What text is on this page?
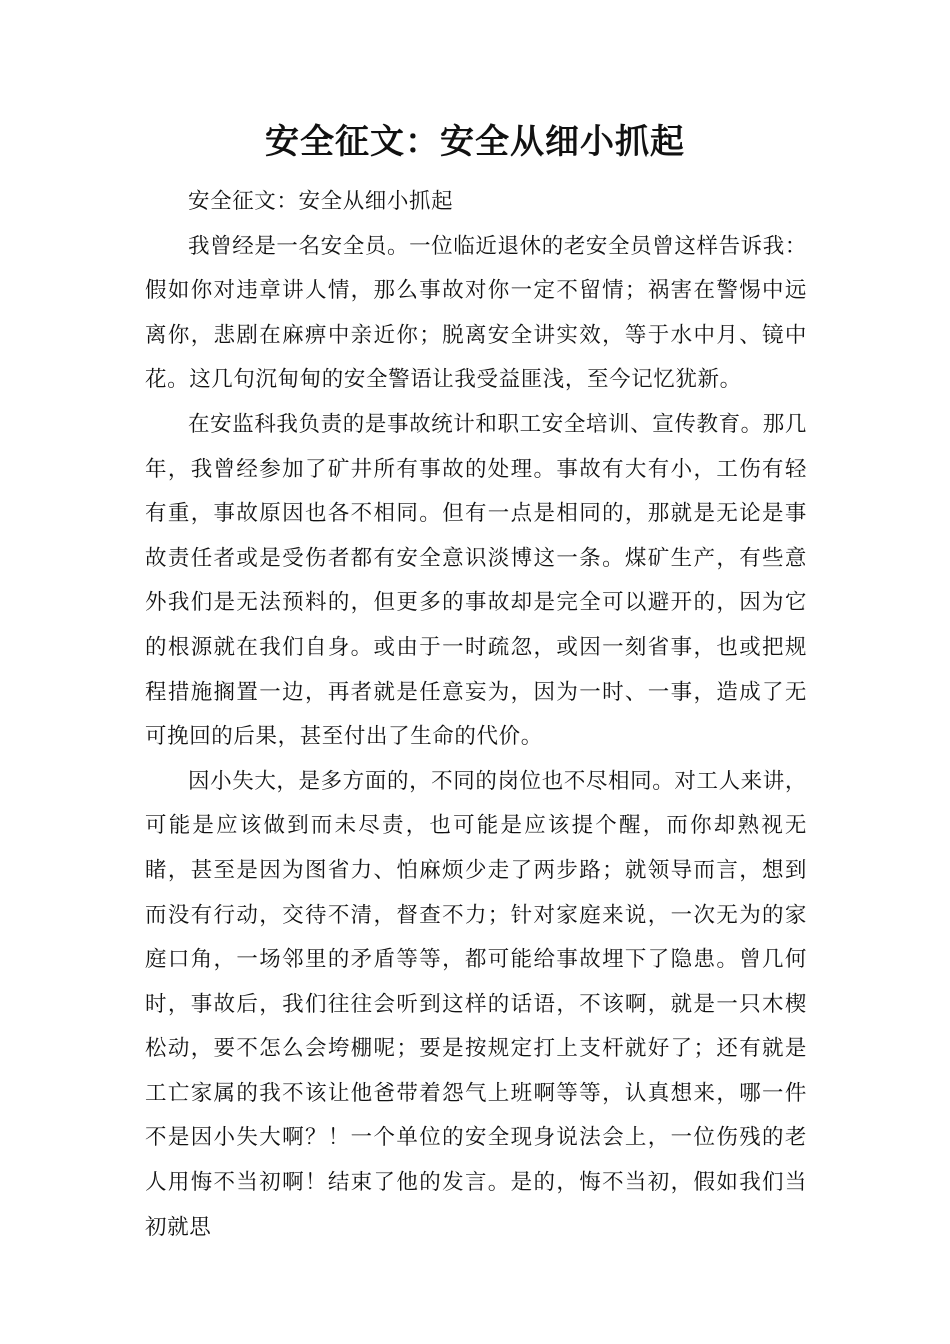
安全征文：安全从细小抓起

安全征文：安全从细小抓起

我曾经是一名安全员。一位临近退休的老安全员曾这样告诉我：假如你对违章讲人情，那么事故对你一定不留情；祸害在警惕中远离你，悲剧在麻痹中亲近你；脱离安全讲实效，等于水中月、镜中花。这几句沉甸甸的安全警语让我受益匪浅，至今记忆犹新。

在安监科我负责的是事故统计和职工安全培训、宣传教育。那几年，我曾经参加了矿井所有事故的处理。事故有大有小，工伤有轻有重，事故原因也各不相同。但有一点是相同的，那就是无论是事故责任者或是受伤者都有安全意识淡博这一条。煤矿生产，有些意外我们是无法预料的，但更多的事故却是完全可以避开的，因为它的根源就在我们自身。或由于一时疏忽，或因一刻省事，也或把规程措施搁置一边，再者就是任意妄为，因为一时、一事，造成了无可挽回的后果，甚至付出了生命的代价。

因小失大，是多方面的，不同的岗位也不尽相同。对工人来讲，可能是应该做到而未尽责，也可能是应该提个醒，而你却熟视无睹，甚至是因为图省力、怕麻烦少走了两步路；就领导而言，想到而没有行动，交待不清，督查不力；针对家庭来说，一次无为的家庭口角，一场邻里的矛盾等等，都可能给事故埋下了隐患。曾几何时，事故后，我们往往会听到这样的话语，不该啊，就是一只木楔松动，要不怎么会垮棚呢；要是按规定打上支杆就好了；还有就是工亡家属的我不该让他爸带着怨气上班啊等等，认真想来，哪一件不是因小失大啊？！一个单位的安全现身说法会上，一位伤残的老人用悔不当初啊！结束了他的发言。是的，悔不当初，假如我们当初就思
